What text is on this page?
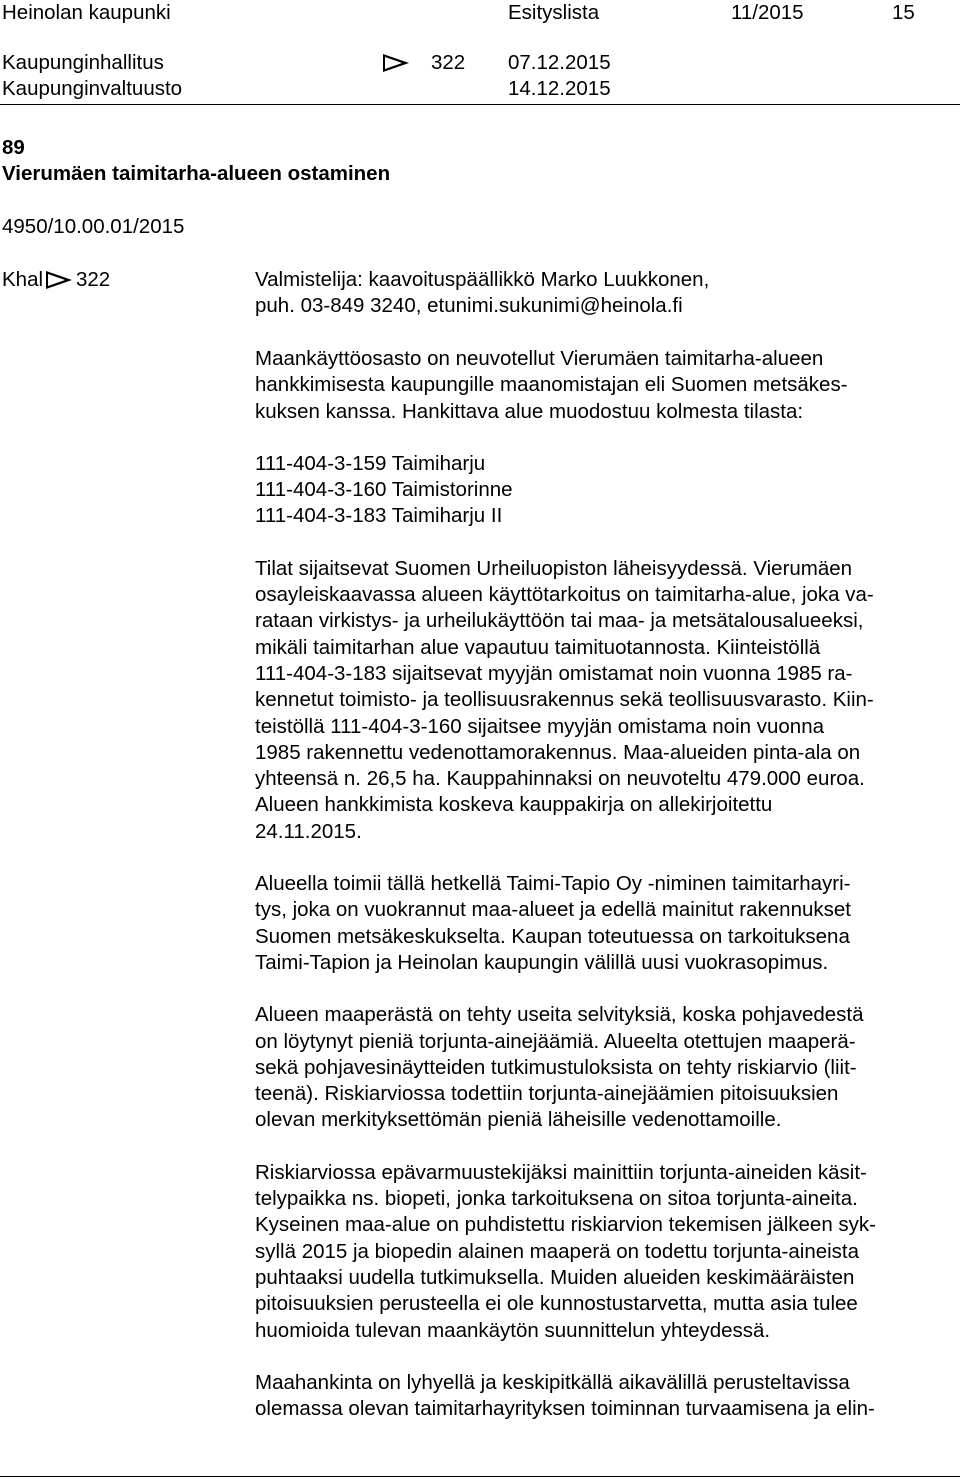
Heinolan kaupunki	Esityslista	11/2015	15
Kaupunginhallitus	322 07.12.2015
Kaupunginvaltuusto	14.12.2015
89
Vierumäen taimitarha-alueen ostaminen
4950/10.00.01/2015
Khal 322	Valmistelija: kaavoituspäällikkö Marko Luukkonen,
puh. 03-849 3240, etunimi.sukunimi@heinola.fi

Maankäyttöosasto on neuvotellut Vierumäen taimitarha-alueen
hankkimisesta kaupungille maanomistajan eli Suomen metsäkes-
kuksen kanssa. Hankittava alue muodostuu kolmesta tilasta:

111-404-3-159 Taimiharju
111-404-3-160 Taimistorinne
111-404-3-183 Taimiharju II

Tilat sijaitsevat Suomen Urheiluopiston läheisyydessä. Vierumäen
osayleiskaavassa alueen käyttötarkoitus on taimitarha-alue, joka va-
rataan virkistys- ja urheilukäyttöön tai maa- ja metsätalousalueeksi,
mikäli taimitarhan alue vapautuu taimituotannosta. Kiinteistöllä
111-404-3-183 sijaitsevat myyjän omistamat noin vuonna 1985 ra-
kennetut toimisto- ja teollisuusrakennus sekä teollisuusvarasto. Kiin-
teistöllä 111-404-3-160 sijaitsee myyjän omistama noin vuonna
1985 rakennettu vedenottamorakennus. Maa-alueiden pinta-ala on
yhteensä n. 26,5 ha. Kauppahinnaksi on neuvoteltu 479.000 euroa.
Alueen hankkimista koskeva kauppakirja on allekirjoitettu
24.11.2015.

Alueella toimii tällä hetkellä Taimi-Tapio Oy -niminen taimitarhayri-
tys, joka on vuokrannut maa-alueet ja edellä mainitut rakennukset
Suomen metsäkeskukselta. Kaupan toteutuessa on tarkoituksena
Taimi-Tapion ja Heinolan kaupungin välillä uusi vuokrasopimus.

Alueen maaperästä on tehty useita selvityksiä, koska pohjavedestä
on löytynyt pieniä torjunta-ainejäämiä. Alueelta otettujen maaperä-
sekä pohjavesinäytteiden tutkimustuloksista on tehty riskiarvio (liit-
teenä). Riskiarviossa todettiin torjunta-ainejäämien pitoisuuksien
olevan merkityksettömän pieniä läheisille vedenottamoille.

Riskiarviossa epävarmuustekijäksi mainittiin torjunta-aineiden käsit-
telypaikka ns. biopeti, jonka tarkoituksena on sitoa torjunta-aineita.
Kyseinen maa-alue on puhdistettu riskiarvion tekemisen jälkeen syk-
syllä 2015 ja biopedin alainen maaperä on todettu torjunta-aineista
puhtaaksi uudella tutkimuksella. Muiden alueiden keskimääräisten
pitoisuuksien perusteella ei ole kunnostustarvetta, mutta asia tulee
huomioida tulevan maankäytön suunnittelun yhteydessä.

Maahankinta on lyhyellä ja keskipitkällä aikavälillä perusteltavissa
olemassa olevan taimitarhayrityksen toiminnan turvaamisena ja elin-
